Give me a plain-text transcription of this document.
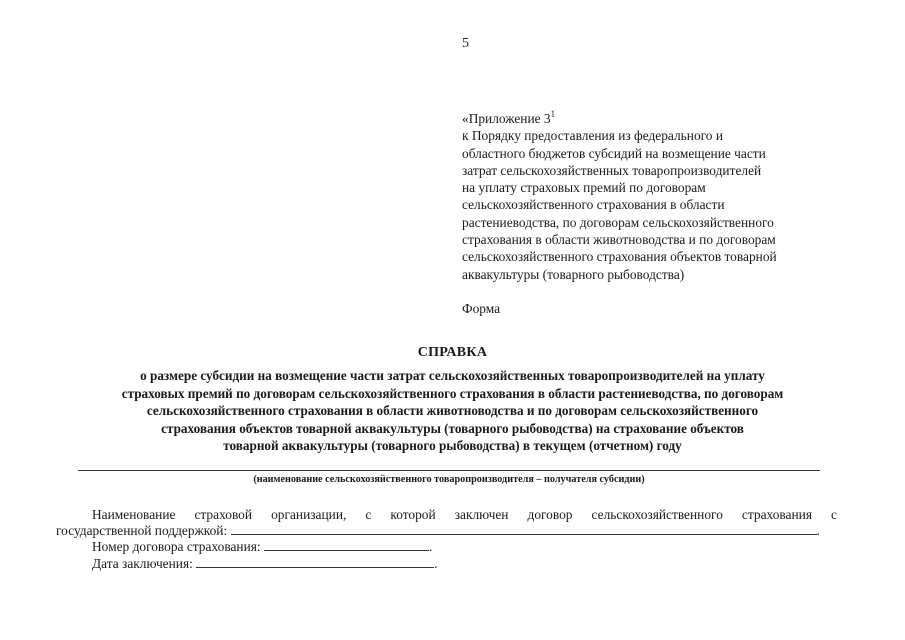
5
«Приложение $3^1$
к Порядку предоставления из федерального и
областного бюджетов субсидий на возмещение части
затрат сельскохозяйственных товаропроизводителей
на уплату страховых премий по договорам
сельскохозяйственного страхования в области
растениеводства, по договорам сельскохозяйственного
страхования в области животноводства и по договорам
сельскохозяйственного страхования объектов товарной
аквакультуры (товарного рыбоводства)
Форма
СПРАВКА
о размере субсидии на возмещение части затрат сельскохозяйственных товаропроизводителей на уплату
страховых премий по договорам сельскохозяйственного страхования в области растениеводства, по договорам
сельскохозяйственного страхования в области животноводства и по договорам сельскохозяйственного
страхования объектов товарной аквакультуры (товарного рыбоводства) на страхование объектов
товарной аквакультуры (товарного рыбоводства) в текущем (отчетном) году
(наименование сельскохозяйственного товаропроизводителя – получателя субсидии)
Наименование страховой организации, с которой заключен договор сельскохозяйственного страхования с
государственной поддержкой:	.
Номер договора страхования:	.
Дата заключения:	.
